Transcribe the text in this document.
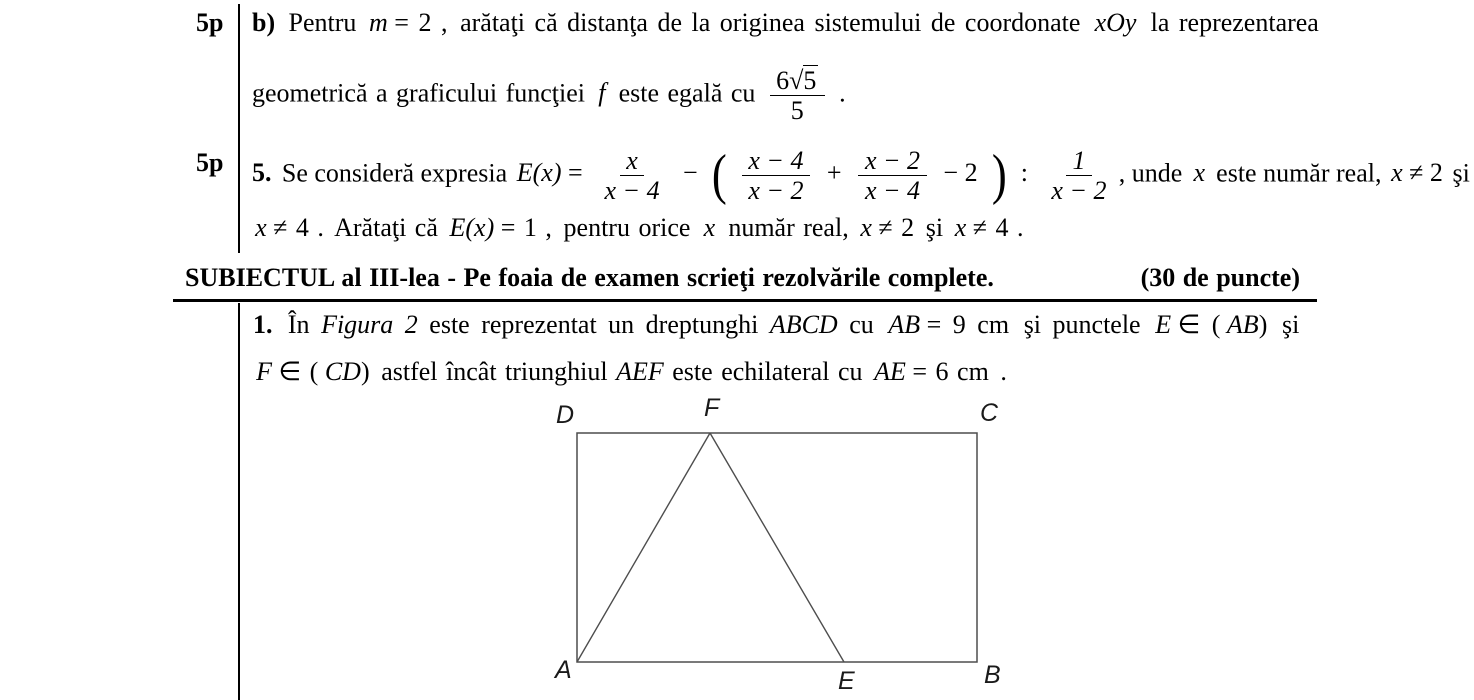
5p
5p
b) Pentru m = 2 , arătaţi că distanţa de la originea sistemului de coordonate xOy la reprezentarea
geometrică a graficului funcţiei f este egală cu $\frac{6√5}{5}$ .
5. Se consideră expresia $E(x) = \frac{x}{x - 4}$ − ( $\frac{x - 4}{x - 2} + \frac{x - 2}{x - 4} - 2$ ) : $\frac{1}{x - 2}$ , unde x este număr real, x ≠ 2 şi
x ≠ 4 . Arătaţi că E(x) = 1 , pentru orice x număr real, x ≠ 2 şi x ≠ 4 .
SUBIECTUL al III-lea - Pe foaia de examen scrieţi rezolvările complete.	(30 de puncte)
1. În Figura 2 este reprezentat un dreptunghi ABCD cu AB = 9 cm şi punctele E ∈ ( AB) şi
F ∈ ( CD) astfel încât triunghiul AEF este echilateral cu AE = 6 cm .
D	F	C
A	E	B
